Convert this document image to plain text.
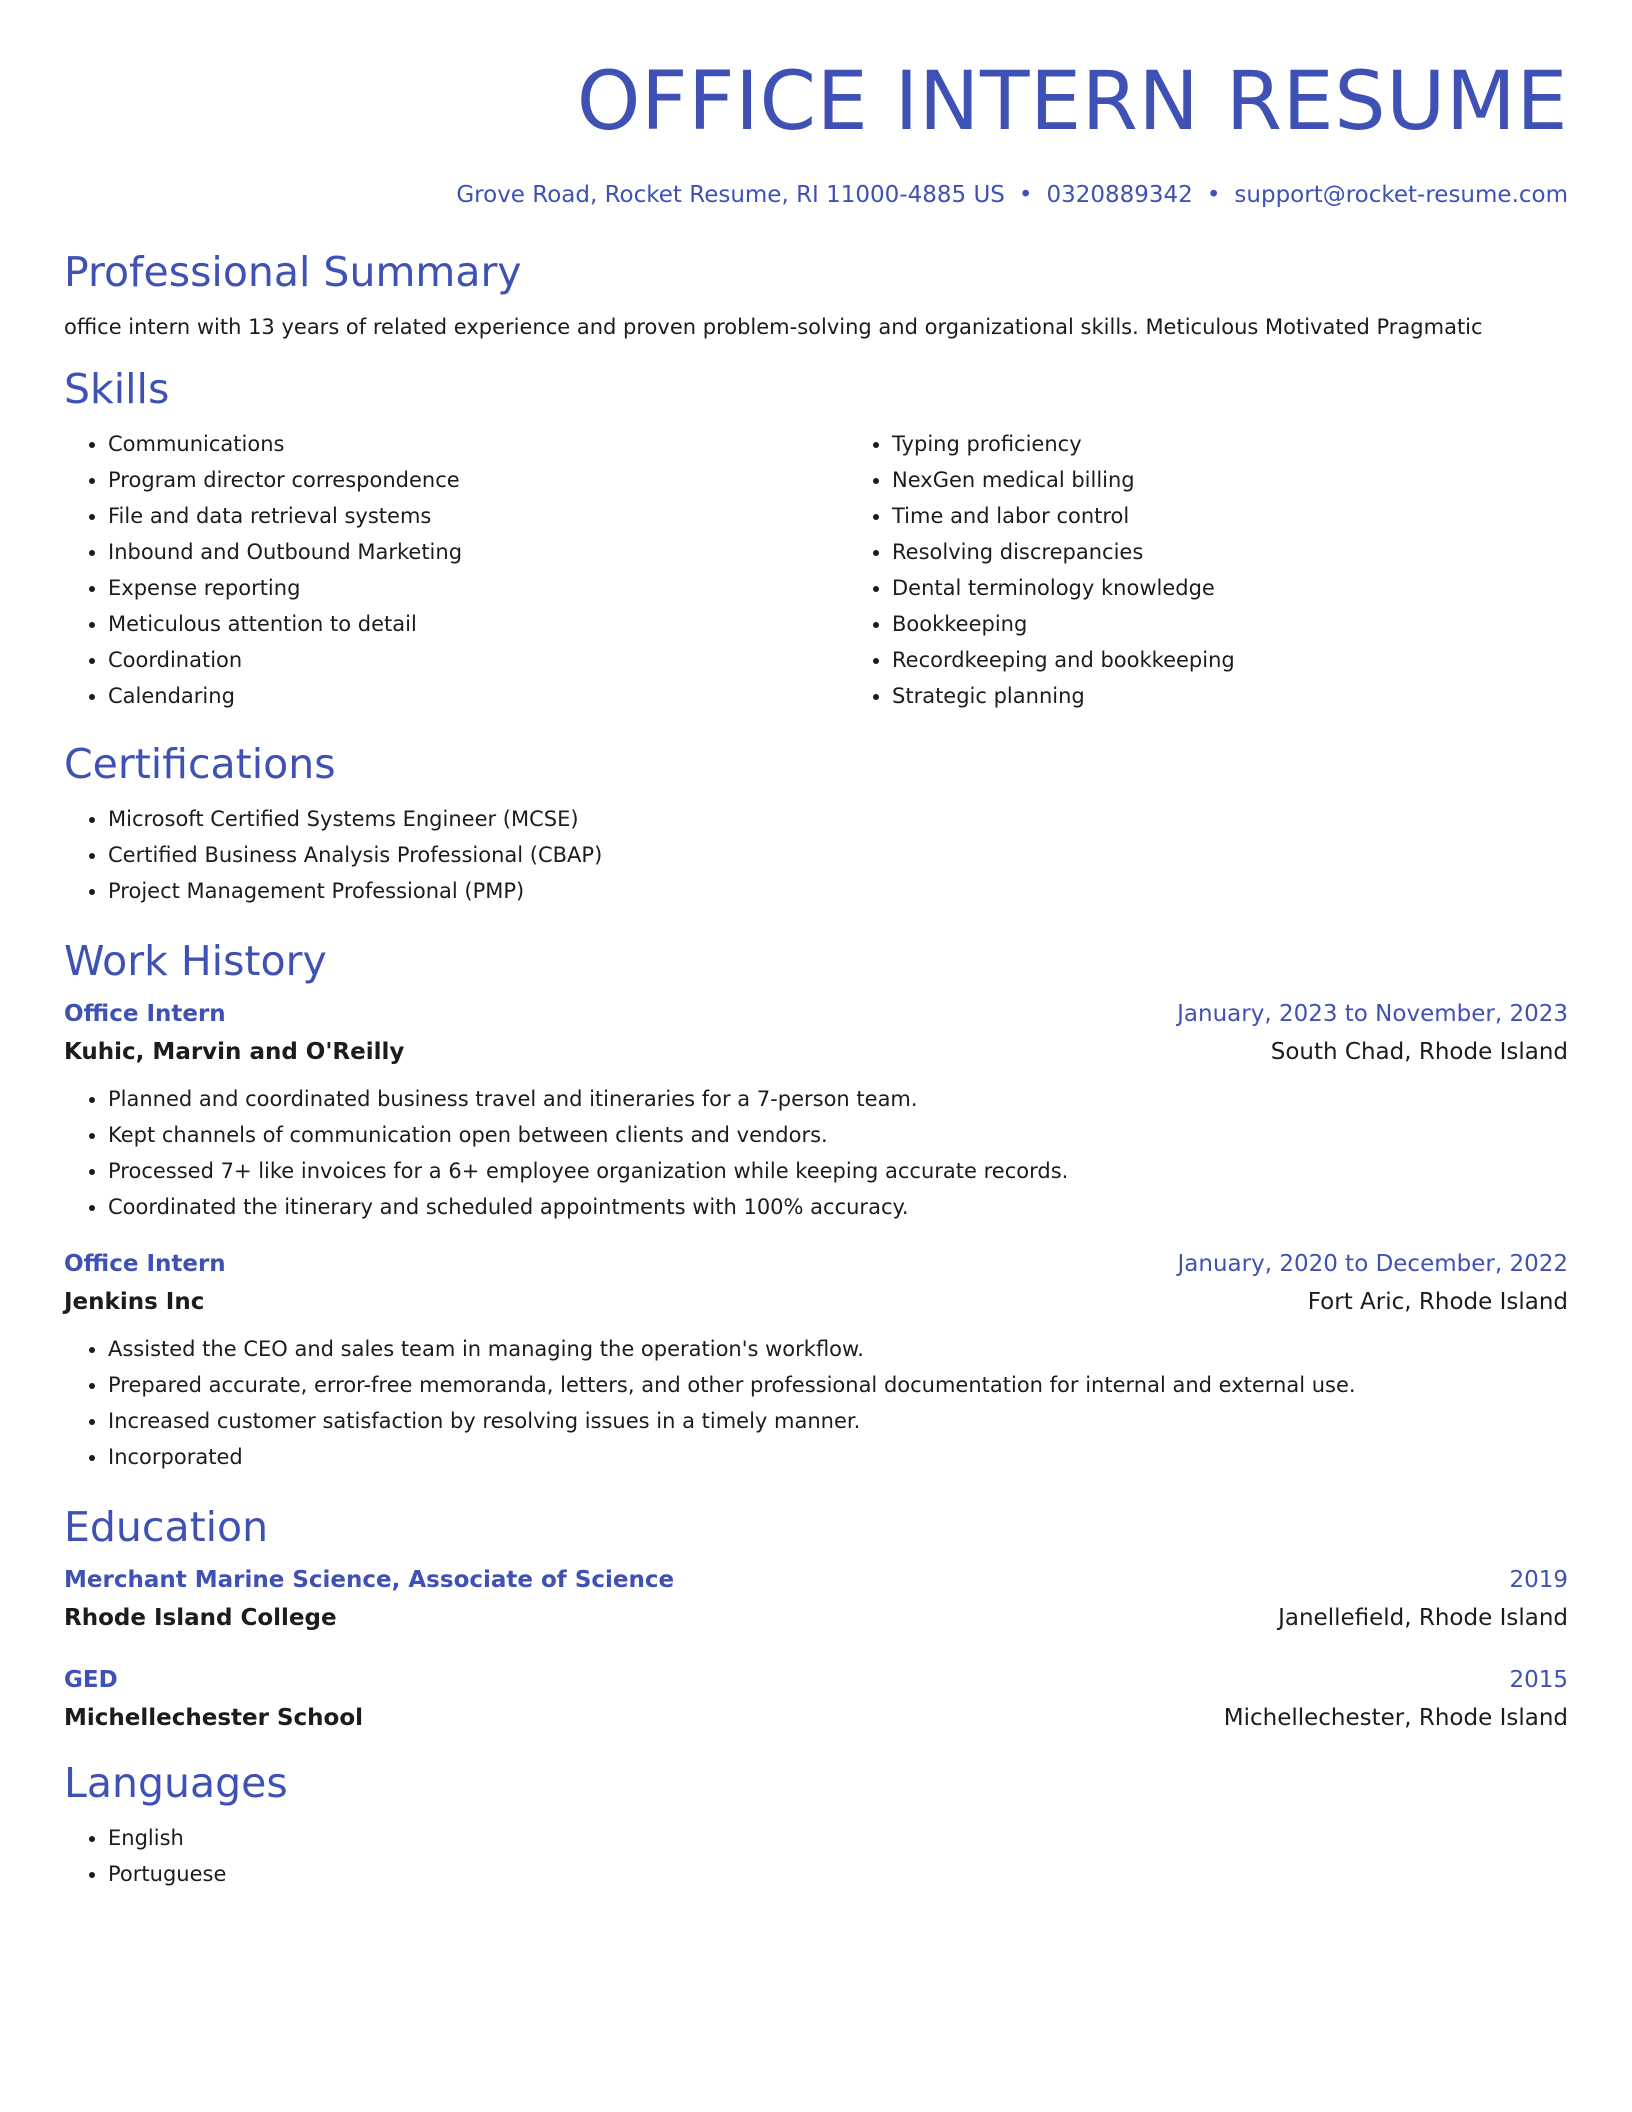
OFFICE INTERN RESUME
Grove Road, Rocket Resume, RI 11000-4885 US • 0320889342 • support@rocket-resume.com
Professional Summary
office intern with 13 years of related experience and proven problem-solving and organizational skills. Meticulous Motivated Pragmatic
Skills
• Communications
• Program director correspondence
• File and data retrieval systems
• Inbound and Outbound Marketing
• Expense reporting
• Meticulous attention to detail
• Coordination
• Calendaring
• Typing proficiency
• NexGen medical billing
• Time and labor control
• Resolving discrepancies
• Dental terminology knowledge
• Bookkeeping
• Recordkeeping and bookkeeping
• Strategic planning
Certifications
• Microsoft Certified Systems Engineer (MCSE)
• Certified Business Analysis Professional (CBAP)
• Project Management Professional (PMP)
Work History
Office Intern	January, 2023 to November, 2023
Kuhic, Marvin and O'Reilly	South Chad, Rhode Island
• Planned and coordinated business travel and itineraries for a 7-person team.
• Kept channels of communication open between clients and vendors.
• Processed 7+ like invoices for a 6+ employee organization while keeping accurate records.
• Coordinated the itinerary and scheduled appointments with 100% accuracy.
Office Intern	January, 2020 to December, 2022
Jenkins Inc	Fort Aric, Rhode Island
• Assisted the CEO and sales team in managing the operation's workflow.
• Prepared accurate, error-free memoranda, letters, and other professional documentation for internal and external use.
• Increased customer satisfaction by resolving issues in a timely manner.
• Incorporated
Education
Merchant Marine Science, Associate of Science	2019
Rhode Island College	Janellefield, Rhode Island
GED	2015
Michellechester School	Michellechester, Rhode Island
Languages
• English
• Portuguese
